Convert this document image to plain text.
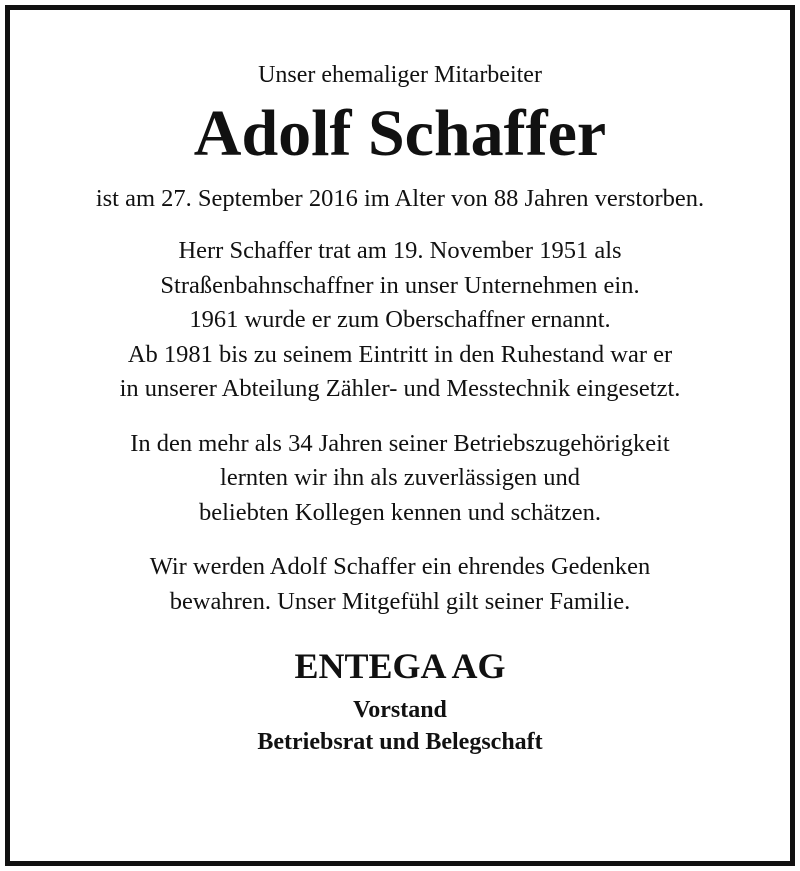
Unser ehemaliger Mitarbeiter
Adolf Schaffer
ist am 27. September 2016 im Alter von 88 Jahren verstorben.
Herr Schaffer trat am 19. November 1951 als
Straßenbahnschaffner in unser Unternehmen ein.
1961 wurde er zum Oberschaffner ernannt.
Ab 1981 bis zu seinem Eintritt in den Ruhestand war er
in unserer Abteilung Zähler- und Messtechnik eingesetzt.
In den mehr als 34 Jahren seiner Betriebszugehörigkeit
lernten wir ihn als zuverlässigen und
beliebten Kollegen kennen und schätzen.
Wir werden Adolf Schaffer ein ehrendes Gedenken
bewahren. Unser Mitgefühl gilt seiner Familie.
ENTEGA AG
Vorstand
Betriebsrat und Belegschaft
